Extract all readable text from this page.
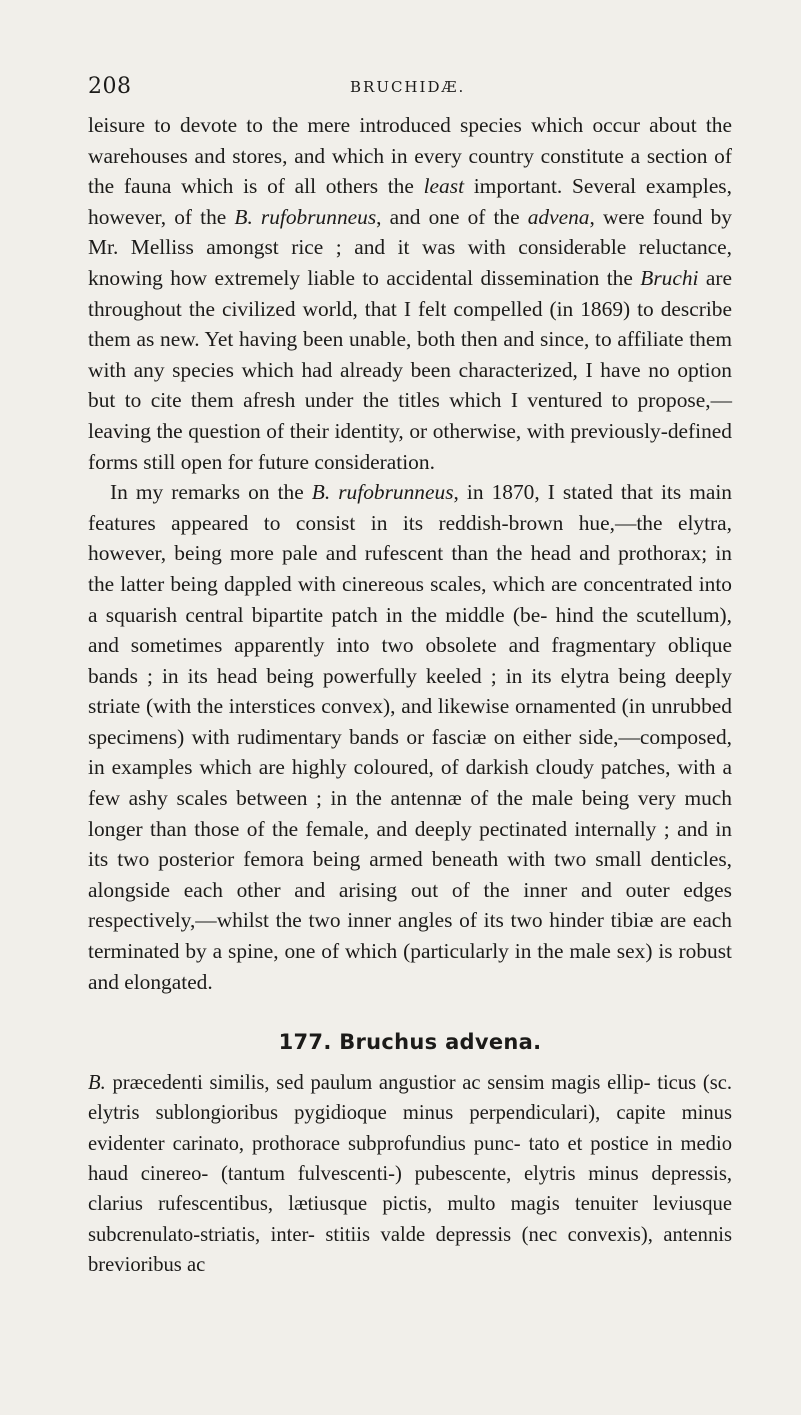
208	BRUCHIDÆ.

leisure to devote to the mere introduced species which occur about the warehouses and stores, and which in every country constitute a section of the fauna which is of all others the least important. Several examples, however, of the B. rufobrunneus, and one of the advena, were found by Mr. Melliss amongst rice ; and it was with considerable reluctance, knowing how extremely liable to accidental dissemination the Bruchi are throughout the civilized world, that I felt compelled (in 1869) to describe them as new. Yet having been unable, both then and since, to affiliate them with any species which had already been characterized, I have no option but to cite them afresh under the titles which I ventured to propose,—leaving the question of their identity, or otherwise, with previously-defined forms still open for future consideration.

In my remarks on the B. rufobrunneus, in 1870, I stated that its main features appeared to consist in its reddish-brown hue,—the elytra, however, being more pale and rufescent than the head and prothorax; in the latter being dappled with cinereous scales, which are concentrated into a squarish central bipartite patch in the middle (be- hind the scutellum), and sometimes apparently into two obsolete and fragmentary oblique bands ; in its head being powerfully keeled ; in its elytra being deeply striate (with the interstices convex), and likewise ornamented (in unrubbed specimens) with rudimentary bands or fasciæ on either side,—composed, in examples which are highly coloured, of darkish cloudy patches, with a few ashy scales between ; in the antennæ of the male being very much longer than those of the female, and deeply pectinated internally ; and in its two posterior femora being armed beneath with two small denticles, alongside each other and arising out of the inner and outer edges respectively,—whilst the two inner angles of its two hinder tibiæ are each terminated by a spine, one of which (particularly in the male sex) is robust and elongated.

177. Bruchus advena.

B. præcedenti similis, sed paulum angustior ac sensim magis ellip- ticus (sc. elytris sublongioribus pygidioque minus perpendiculari), capite minus evidenter carinato, prothorace subprofundius punc- tato et postice in medio haud cinereo- (tantum fulvescenti-) pubescente, elytris minus depressis, clarius rufescentibus, lætiusque pictis, multo magis tenuiter leviusque subcrenulato-striatis, inter- stitiis valde depressis (nec convexis), antennis brevioribus ac
